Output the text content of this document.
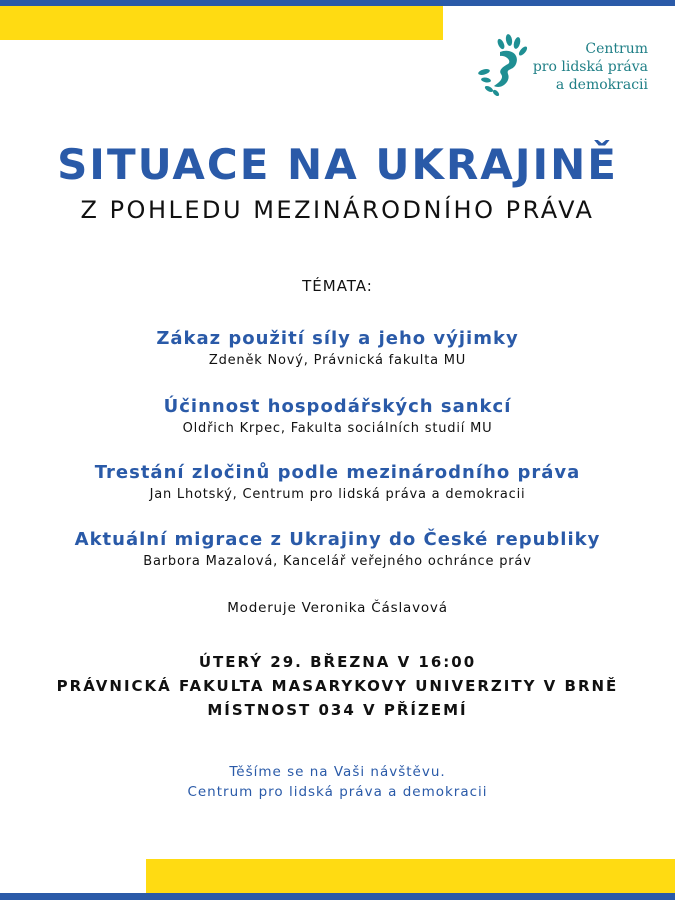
Centrum
pro lidská práva
a demokracii
SITUACE NA UKRAJINĚ
Z POHLEDU MEZINÁRODNÍHO PRÁVA
TÉMATA:
Zákaz použití síly a jeho výjimky
Zdeněk Nový, Právnická fakulta MU
Účinnost hospodářských sankcí
Oldřich Krpec, Fakulta sociálních studií MU
Trestání zločinů podle mezinárodního práva
Jan Lhotský, Centrum pro lidská práva a demokracii
Aktuální migrace z Ukrajiny do České republiky
Barbora Mazalová, Kancelář veřejného ochránce práv
Moderuje Veronika Čáslavová
ÚTERÝ 29. BŘEZNA V 16:00
PRÁVNICKÁ FAKULTA MASARYKOVY UNIVERZITY V BRNĚ
MÍSTNOST 034 V PŘÍZEMÍ
Těšíme se na Vaši návštěvu.
Centrum pro lidská práva a demokracii
